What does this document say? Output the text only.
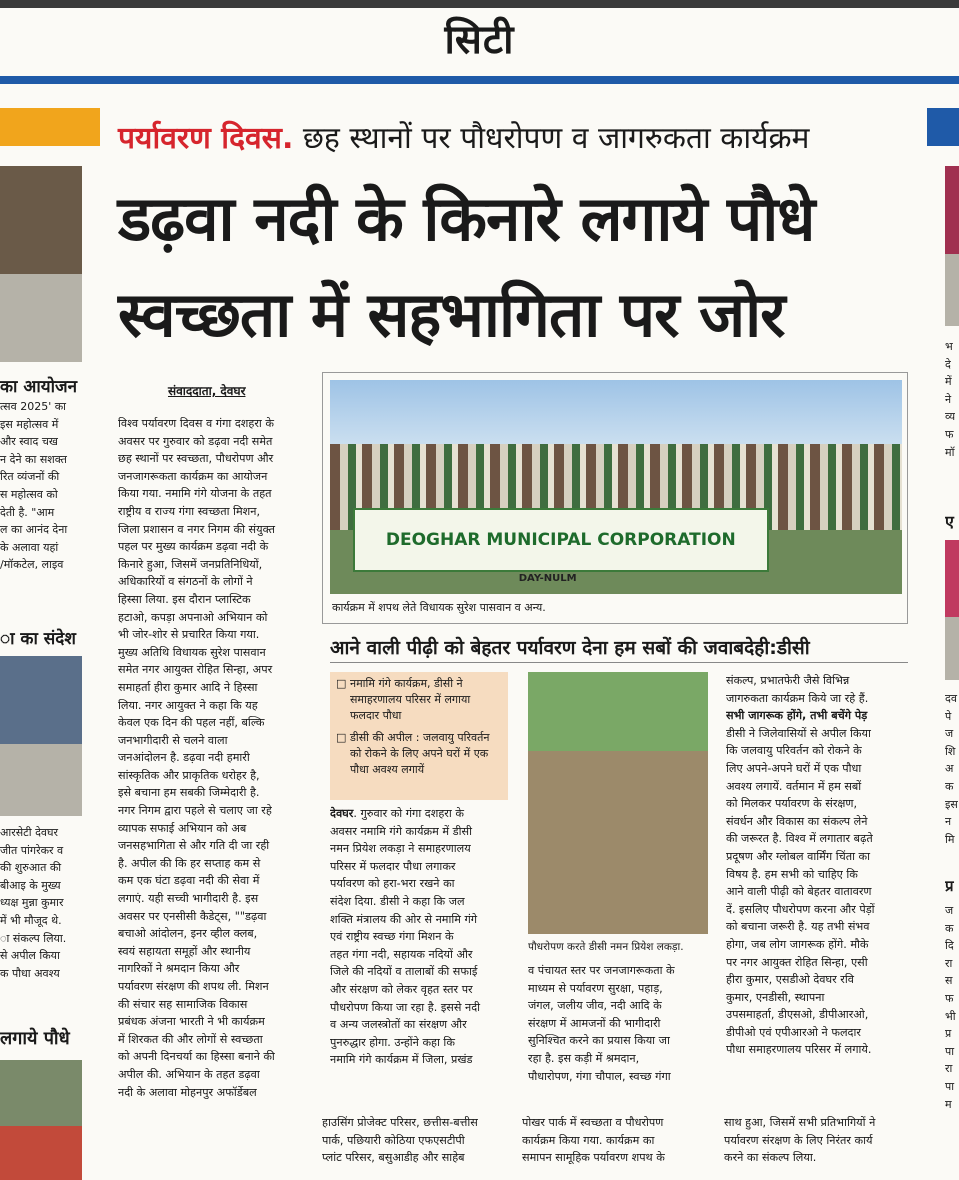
सिटी
का आयोजन
त्सव 2025' का
इस महोत्सव में
और स्वाद चख
न देने का सशक्त
रित व्यंजनों की
स महोत्सव को
देती है. "आम
ल का आनंद देना
के अलावा यहां
/मॉकटेल, लाइव
ा का संदेश
आरसेटी देवघर
जीत पांगरेकर व
की शुरुआत की
बीआइ के मुख्य
ध्यक्ष मुन्ना कुमार
में भी मौजूद थे.
ा संकल्प लिया.
से अपील किया
क पौधा अवश्य
लगाये पौधे
भ
दे
में
ने
व्य
फ
मॉ
ए
दव
पे
ज
शि
अ
क
इस
न
मि
प्र
ज
क
दि
रा
स
फ
भी
प्र
पा
रा
पा
म
पर्यावरण दिवस. छह स्थानों पर पौधरोपण व जागरुकता कार्यक्रम
डढ़वा नदी के किनारे लगाये पौधे
स्वच्छता में सहभागिता पर जोर
संवाददाता, देवघर
विश्व पर्यावरण दिवस व गंगा दशहरा के
अवसर पर गुरुवार को डढ़वा नदी समेत
छह स्थानों पर स्वच्छता, पौधरोपण और
जनजागरूकता कार्यक्रम का आयोजन
किया गया. नमामि गंगे योजना के तहत
राष्ट्रीय व राज्य गंगा स्वच्छता मिशन,
जिला प्रशासन व नगर निगम की संयुक्त
पहल पर मुख्य कार्यक्रम डढ़वा नदी के
किनारे हुआ, जिसमें जनप्रतिनिधियों,
अधिकारियों व संगठनों के लोगों ने
हिस्सा लिया. इस दौरान प्लास्टिक
हटाओ, कपड़ा अपनाओ अभियान को
भी जोर-शोर से प्रचारित किया गया.
मुख्य अतिथि विधायक सुरेश पासवान
समेत नगर आयुक्त रोहित सिन्हा, अपर
समाहर्ता हीरा कुमार आदि ने हिस्सा
लिया. नगर आयुक्त ने कहा कि यह
केवल एक दिन की पहल नहीं, बल्कि
जनभागीदारी से चलने वाला
जनआंदोलन है. डढ़वा नदी हमारी
सांस्कृतिक और प्राकृतिक धरोहर है,
इसे बचाना हम सबकी जिम्मेदारी है.
नगर निगम द्वारा पहले से चलाए जा रहे
व्यापक सफाई अभियान को अब
जनसहभागिता से और गति दी जा रही
है. अपील की कि हर सप्ताह कम से
कम एक घंटा डढ़वा नदी की सेवा में
लगाएं. यही सच्ची भागीदारी है. इस
अवसर पर एनसीसी कैडेट्स, ""डढ़वा
बचाओ आंदोलन, इनर व्हील क्लब,
स्वयं सहायता समूहों और स्थानीय
नागरिकों ने श्रमदान किया और
पर्यावरण संरक्षण की शपथ ली. मिशन
की संचार सह सामाजिक विकास
प्रबंधक अंजना भारती ने भी कार्यक्रम
में शिरकत की और लोगों से स्वच्छता
को अपनी दिनचर्या का हिस्सा बनाने की
अपील की. अभियान के तहत डढ़वा
नदी के अलावा मोहनपुर अफॉर्डेबल
DEOGHAR MUNICIPAL CORPORATION
DAY-NULM
कार्यक्रम में शपथ लेते विधायक सुरेश पासवान व अन्य.
आने वाली पीढ़ी को बेहतर पर्यावरण देना हम सबों की जवाबदेही:डीसी
□ नमामि गंगे कार्यक्रम, डीसी ने समाहरणालय परिसर में लगाया फलदार पौधा
□ डीसी की अपील : जलवायु परिवर्तन को रोकने के लिए अपने घरों में एक पौधा अवश्य लगायें
देवघर. गुरुवार को गंगा दशहरा के
अवसर नमामि गंगे कार्यक्रम में डीसी
नमन प्रियेश लकड़ा ने समाहरणालय
परिसर में फलदार पौधा लगाकर
पर्यावरण को हरा-भरा रखने का
संदेश दिया. डीसी ने कहा कि जल
शक्ति मंत्रालय की ओर से नमामि गंगे
एवं राष्ट्रीय स्वच्छ गंगा मिशन के
तहत गंगा नदी, सहायक नदियों और
जिले की नदियों व तालाबों की सफाई
और संरक्षण को लेकर वृहत स्तर पर
पौधरोपण किया जा रहा है. इससे नदी
व अन्य जलस्त्रोतों का संरक्षण और
पुनरुद्धार होगा. उन्होंने कहा कि
नमामि गंगे कार्यक्रम में जिला, प्रखंड
पौधरोपण करते डीसी नमन प्रियेश लकड़ा.
व पंचायत स्तर पर जनजागरूकता के
माध्यम से पर्यावरण सुरक्षा, पहाड़,
जंगल, जलीय जीव, नदी आदि के
संरक्षण में आमजनों की भागीदारी
सुनिश्चित करने का प्रयास किया जा
रहा है. इस कड़ी में श्रमदान,
पौधारोपण, गंगा चौपाल, स्वच्छ गंगा
संकल्प, प्रभातफेरी जैसे विभिन्न
जागरुकता कार्यक्रम किये जा रहे हैं.
सभी जागरूक होंगे, तभी बचेंगे पेड़
डीसी ने जिलेवासियों से अपील किया
कि जलवायु परिवर्तन को रोकने के
लिए अपने-अपने घरों में एक पौधा
अवश्य लगायें. वर्तमान में हम सबों
को मिलकर पर्यावरण के संरक्षण,
संवर्धन और विकास का संकल्प लेने
की जरूरत है. विश्व में लगातार बढ़ते
प्रदूषण और ग्लोबल वार्मिंग चिंता का
विषय है. हम सभी को चाहिए कि
आने वाली पीढ़ी को बेहतर वातावरण
दें. इसलिए पौधरोपण करना और पेड़ों
को बचाना जरूरी है. यह तभी संभव
होगा, जब लोग जागरूक होंगे. मौके
पर नगर आयुक्त रोहित सिन्हा, एसी
हीरा कुमार, एसडीओ देवघर रवि
कुमार, एनडीसी, स्थापना
उपसमाहर्ता, डीएसओ, डीपीआरओ,
डीपीओ एवं एपीआरओ ने फलदार
पौधा समाहरणालय परिसर में लगाये.
हाउसिंग प्रोजेक्ट परिसर, छत्तीस-बत्तीस
पार्क, पछियारी कोठिया एफएसटीपी
प्लांट परिसर, बसुआडीह और साहेब
पोखर पार्क में स्वच्छता व पौधरोपण
कार्यक्रम किया गया. कार्यक्रम का
समापन सामूहिक पर्यावरण शपथ के
साथ हुआ, जिसमें सभी प्रतिभागियों ने
पर्यावरण संरक्षण के लिए निरंतर कार्य
करने का संकल्प लिया.
